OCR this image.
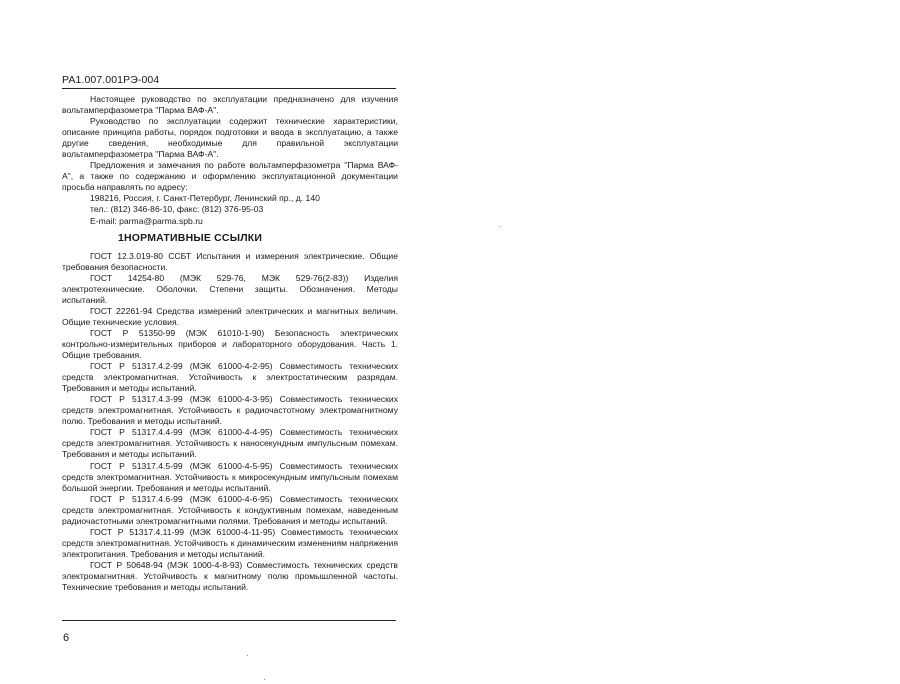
РА1.007.001РЭ-004

Настоящее руководство по эксплуатации предназначено для изучения вольтамперфазометра "Парма ВАФ-А".

Руководство по эксплуатации содержит технические характеристики, описание принципа работы, порядок подготовки и ввода в эксплуатацию, а также другие сведения, необходимые для правильной эксплуатации вольтамперфазометра "Парма ВАФ-А".

Предложения и замечания по работе вольтамперфазометра "Парма ВАФ-А", а также по содержанию и оформлению эксплуатационной документации просьба направлять по адресу:

198216, Россия, г. Санкт-Петербург, Ленинский пр., д. 140
тел.: (812) 346-86-10, факс: (812) 376-95-03
E-mail: parma@parma.spb.ru
1НОРМАТИВНЫЕ ССЫЛКИ

ГОСТ 12.3.019-80 ССБТ Испытания и измерения электрические. Общие требования безопасности.

ГОСТ 14254-80 (МЭК 529-76, МЭК 529-76(2-83)) Изделия электротехнические. Оболочки. Степени защиты. Обозначения. Методы испытаний.

ГОСТ 22261-94 Средства измерений электрических и магнитных величин. Общие технические условия.

ГОСТ Р 51350-99 (МЭК 61010-1-90) Безопасность электрических контрольно-измерительных приборов и лабораторного оборудования. Часть 1. Общие требования.

ГОСТ Р 51317.4.2-99 (МЭК 61000-4-2-95) Совместимость технических средств электромагнитная. Устойчивость к электростатическим разрядам. Требования и методы испытаний.

ГОСТ Р 51317.4.3-99 (МЭК 61000-4-3-95) Совместимость технических средств электромагнитная. Устойчивость к радиочастотному электромагнитному полю. Требования и методы испытаний.

ГОСТ Р 51317.4.4-99 (МЭК 61000-4-4-95) Совместимость технических средств электромагнитная. Устойчивость к наносекундным импульсным помехам. Требования и методы испытаний.

ГОСТ Р 51317.4.5-99 (МЭК 61000-4-5-95) Совместимость технических средств электромагнитная. Устойчивость к микросекундным импульсным помехам большой энергии. Требования и методы испытаний.

ГОСТ Р 51317.4.6-99 (МЭК 61000-4-6-95) Совместимость технических средств электромагнитная. Устойчивость к кондуктивным помехам, наведенным радиочастотными электромагнитными полями. Требования и методы испытаний.

ГОСТ Р 51317.4.11-99 (МЭК 61000-4-11-95) Совместимость технических средств электромагнитная. Устойчивость к динамическим изменениям напряжения электропитания. Требования и методы испытаний.

ГОСТ Р 50648-94 (МЭК 1000-4-8-93) Совместимость технических средств электромагнитная. Устойчивость к магнитному полю промышленной частоты. Технические требования и методы испытаний.

6
